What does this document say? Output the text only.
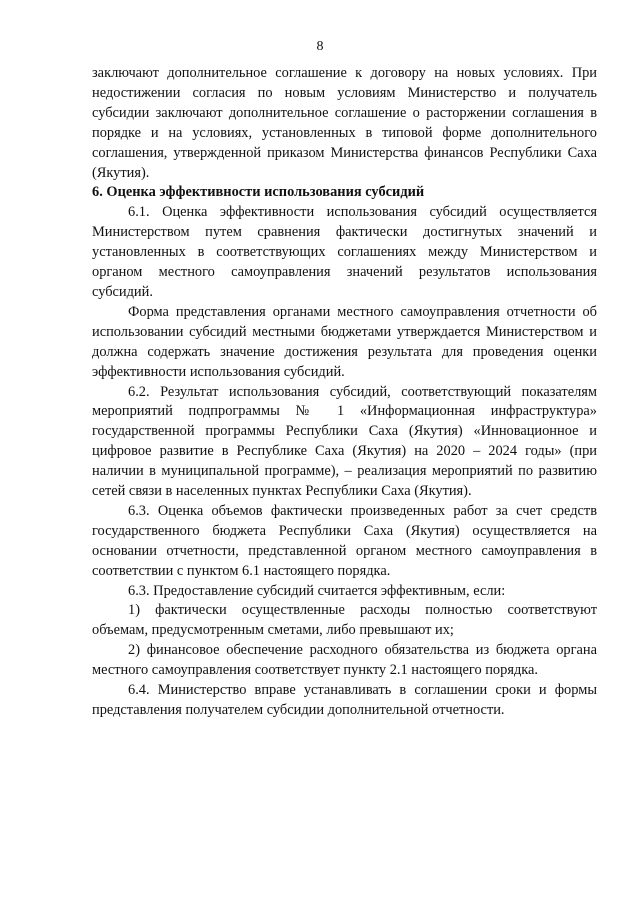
8

заключают дополнительное соглашение к договору на новых условиях. При недостижении согласия по новым условиям Министерство и получатель субсидии заключают дополнительное соглашение о расторжении соглашения в порядке и на условиях, установленных в типовой форме дополнительного соглашения, утвержденной приказом Министерства финансов Республики Саха (Якутия).

6. Оценка эффективности использования субсидий

6.1. Оценка эффективности использования субсидий осуществляется Министерством путем сравнения фактически достигнутых значений и установленных в соответствующих соглашениях между Министерством и органом местного самоуправления значений результатов использования субсидий.

Форма представления органами местного самоуправления отчетности об использовании субсидий местными бюджетами утверждается Министерством и должна содержать значение достижения результата для проведения оценки эффективности использования субсидий.

6.2. Результат использования субсидий, соответствующий показателям мероприятий подпрограммы № 1 «Информационная инфраструктура» государственной программы Республики Саха (Якутия) «Инновационное и цифровое развитие в Республике Саха (Якутия) на 2020 – 2024 годы» (при наличии в муниципальной программе), – реализация мероприятий по развитию сетей связи в населенных пунктах Республики Саха (Якутия).

6.3. Оценка объемов фактически произведенных работ за счет средств государственного бюджета Республики Саха (Якутия) осуществляется на основании отчетности, представленной органом местного самоуправления в соответствии с пунктом 6.1 настоящего порядка.

6.3. Предоставление субсидий считается эффективным, если:

1) фактически осуществленные расходы полностью соответствуют объемам, предусмотренным сметами, либо превышают их;

2) финансовое обеспечение расходного обязательства из бюджета органа местного самоуправления соответствует пункту 2.1 настоящего порядка.

6.4. Министерство вправе устанавливать в соглашении сроки и формы представления получателем субсидии дополнительной отчетности.
